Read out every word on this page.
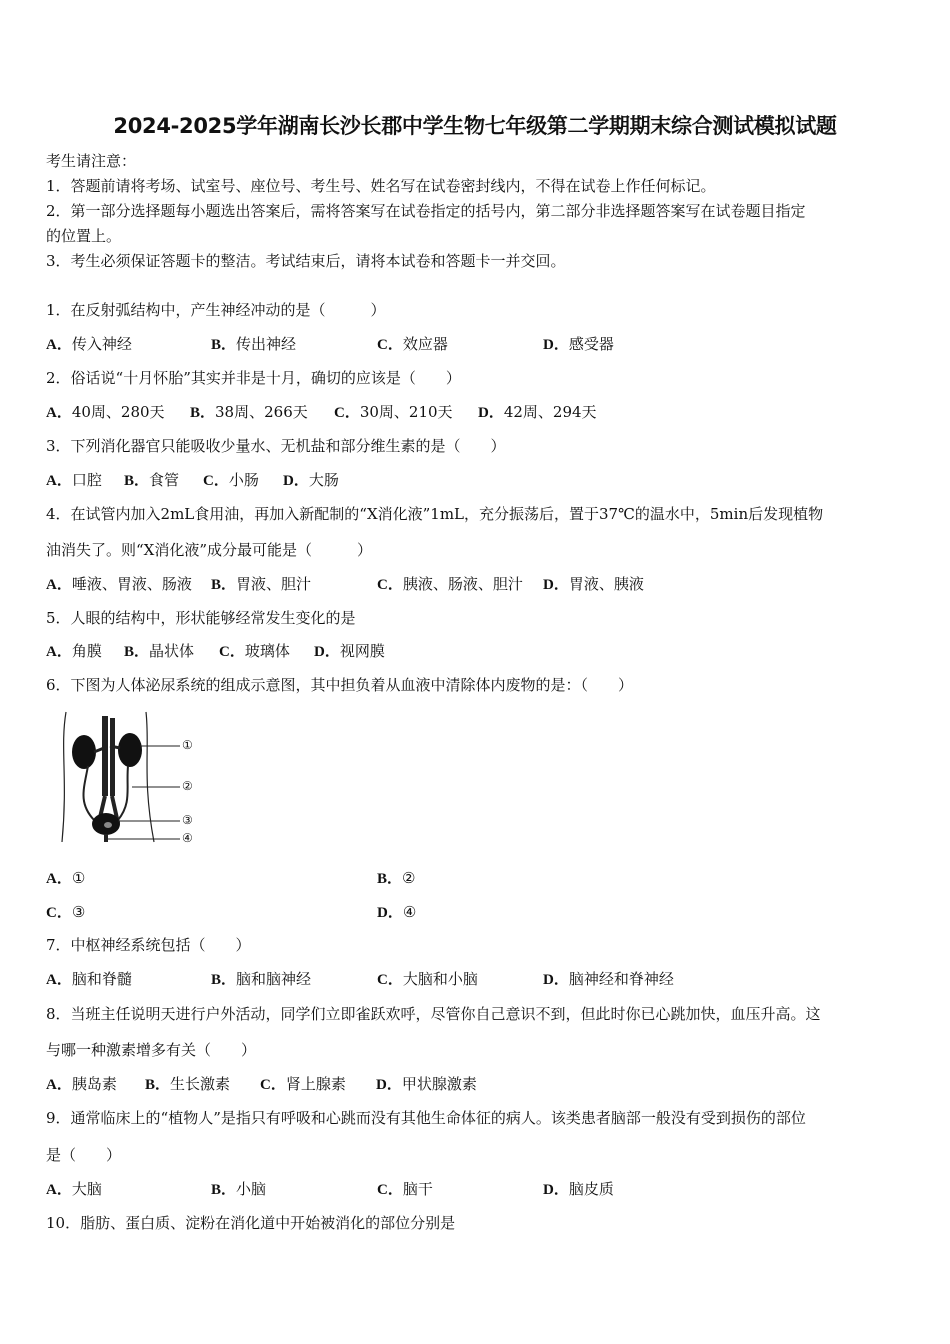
2024-2025学年湖南长沙长郡中学生物七年级第二学期期末综合测试模拟试题
考生请注意：
1．答题前请将考场、试室号、座位号、考生号、姓名写在试卷密封线内，不得在试卷上作任何标记。
2．第一部分选择题每小题选出答案后，需将答案写在试卷指定的括号内，第二部分非选择题答案写在试卷题目指定
的位置上。
3．考生必须保证答题卡的整洁。考试结束后，请将本试卷和答题卡一并交回。
1．在反射弧结构中，产生神经冲动的是（　　　）
A．传入神经	B．传出神经	C．效应器	D．感受器
2．俗话说“十月怀胎”其实并非是十月，确切的应该是（　　）
A．40周、280天 B．38周、266天 C．30周、210天 D．42周、294天
3．下列消化器官只能吸收少量水、无机盐和部分维生素的是（　　）
A．口腔 B．食管 C．小肠 D．大肠
4．在试管内加入2mL食用油，再加入新配制的“X消化液”1mL，充分振荡后，置于37℃的温水中，5min后发现植物
油消失了。则“X消化液”成分最可能是（　　　）
A．唾液、胃液、肠液 B．胃液、胆汁	C．胰液、肠液、胆汁 D．胃液、胰液
5．人眼的结构中，形状能够经常发生变化的是
A．角膜 B．晶状体 C．玻璃体 D．视网膜
6．下图为人体泌尿系统的组成示意图，其中担负着从血液中清除体内废物的是：（　　）
①
②
③
④
A．①	B．②
C．③	D．④
7．中枢神经系统包括（　　）
A．脑和脊髓	B．脑和脑神经	C．大脑和小脑	D．脑神经和脊神经
8．当班主任说明天进行户外活动，同学们立即雀跃欢呼，尽管你自己意识不到，但此时你已心跳加快，血压升高。这
与哪一种激素增多有关（　　）
A．胰岛素 B．生长激素 C．肾上腺素 D．甲状腺激素
9．通常临床上的“植物人”是指只有呼吸和心跳而没有其他生命体征的病人。该类患者脑部一般没有受到损伤的部位
是（　　）
A．大脑	B．小脑	C．脑干	D．脑皮质
10．脂肪、蛋白质、淀粉在消化道中开始被消化的部位分别是
